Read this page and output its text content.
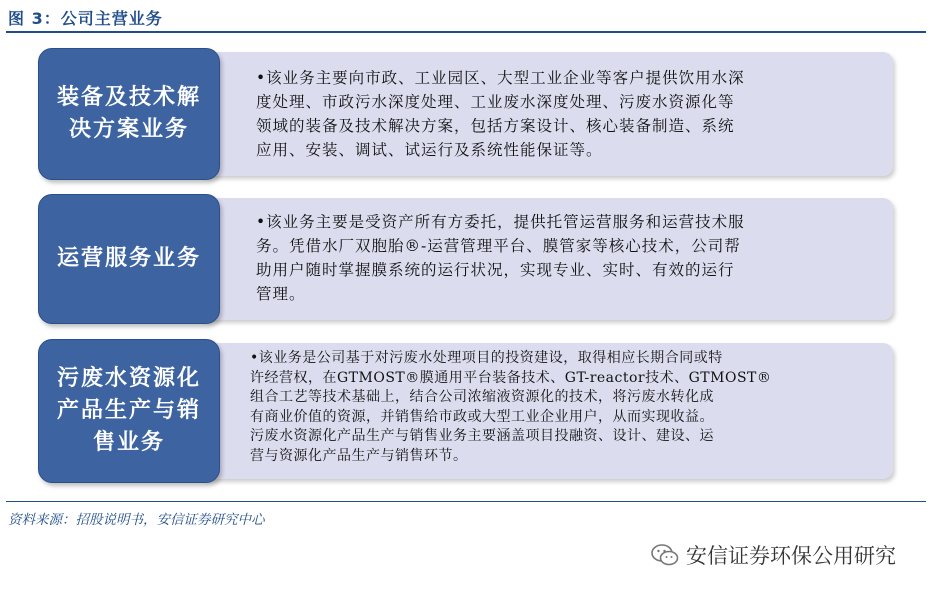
图 3：公司主营业务
装备及技术解
决方案业务
•该业务主要向市政、工业园区、大型工业企业等客户提供饮用水深
度处理、市政污水深度处理、工业废水深度处理、污废水资源化等
领域的装备及技术解决方案，包括方案设计、核心装备制造、系统
应用、安装、调试、试运行及系统性能保证等。
运营服务业务
•该业务主要是受资产所有方委托，提供托管运营服务和运营技术服
务。凭借水厂双胞胎®-运营管理平台、膜管家等核心技术，公司帮
助用户随时掌握膜系统的运行状况，实现专业、实时、有效的运行
管理。
污废水资源化
产品生产与销
售业务
•该业务是公司基于对污废水处理项目的投资建设，取得相应长期合同或特
许经营权，在GTMOST®膜通用平台装备技术、GT-reactor技术、GTMOST®
组合工艺等技术基础上，结合公司浓缩液资源化的技术，将污废水转化成
有商业价值的资源，并销售给市政或大型工业企业用户，从而实现收益。
污废水资源化产品生产与销售业务主要涵盖项目投融资、设计、建设、运
营与资源化产品生产与销售环节。
资料来源：招股说明书，安信证券研究中心
安信证券环保公用研究
